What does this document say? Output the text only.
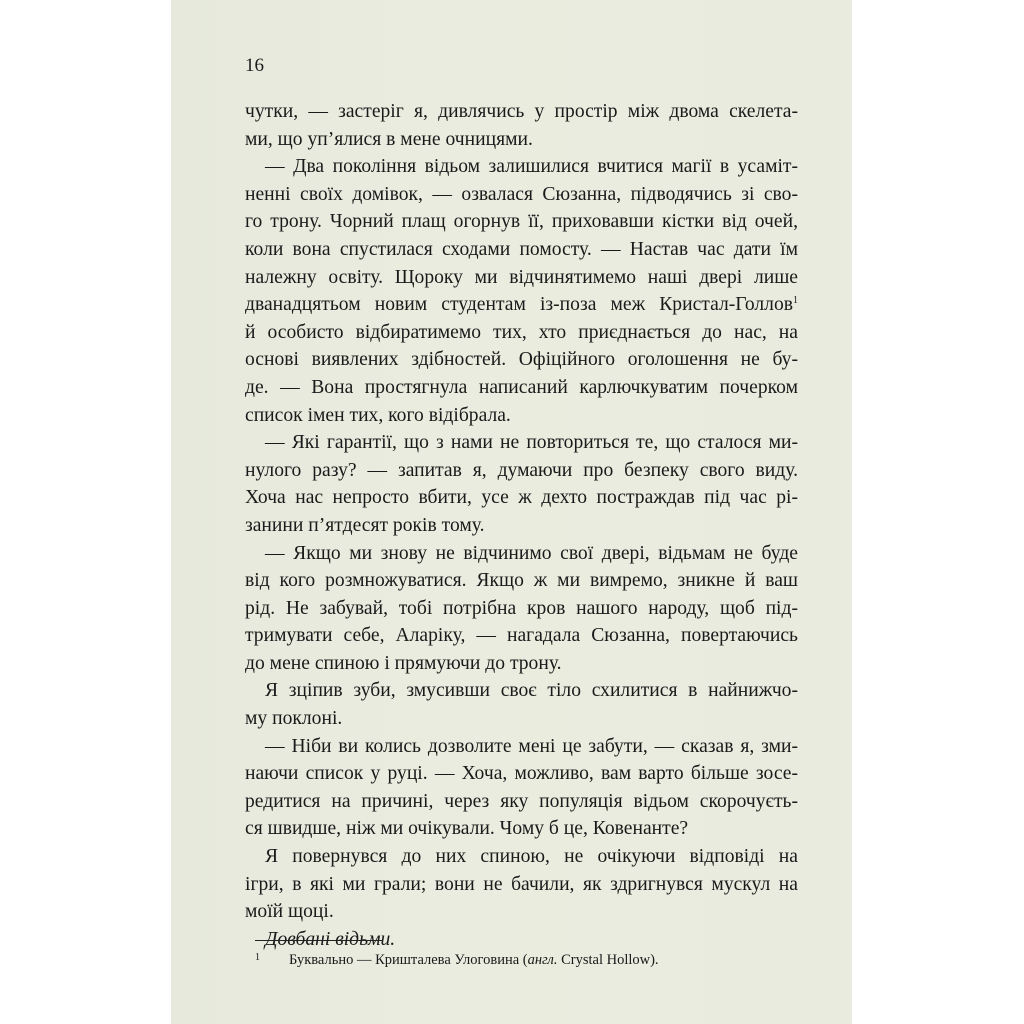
16

чутки, — застеріг я, дивлячись у простір між двома скелета-
ми, що уп’ялися в мене очницями.

— Два покоління відьом залишилися вчитися магії в усаміт-
ненні своїх домівок, — озвалася Сюзанна, підводячись зі сво-
го трону. Чорний плащ огорнув її, приховавши кістки від очей,
коли вона спустилася сходами помосту. — Настав час дати їм
належну освіту. Щороку ми відчинятимемо наші двері лише
дванадцятьом новим студентам із-поза меж Кристал-Голлов$^1$
й особисто відбиратимемо тих, хто приєднається до нас, на
основі виявлених здібностей. Офіційного оголошення не бу-
де. — Вона простягнула написаний карлючкуватим почерком
список імен тих, кого відібрала.

— Які гарантії, що з нами не повториться те, що сталося ми-
нулого разу? — запитав я, думаючи про безпеку свого виду.
Хоча нас непросто вбити, усе ж дехто постраждав під час рі-
занини п’ятдесят років тому.

— Якщо ми знову не відчинимо свої двері, відьмам не буде
від кого розмножуватися. Якщо ж ми вимремо, зникне й ваш
рід. Не забувай, тобі потрібна кров нашого народу, щоб під-
тримувати себе, Аларіку, — нагадала Сюзанна, повертаючись
до мене спиною і прямуючи до трону.

Я зціпив зуби, змусивши своє тіло схилитися в найнижчо-
му поклоні.

— Ніби ви колись дозволите мені це забути, — сказав я, зми-
наючи список у руці. — Хоча, можливо, вам варто більше зосе-
редитися на причині, через яку популяція відьом скорочуєть-
ся швидше, ніж ми очікували. Чому б це, Ковенанте?

Я повернувся до них спиною, не очікуючи відповіді на
ігри, в які ми грали; вони не бачили, як здригнувся мускул на
моїй щоці.

Довбані відьми.

1 Буквально — Кришталева Улоговина (англ. Crystal Hollow).
